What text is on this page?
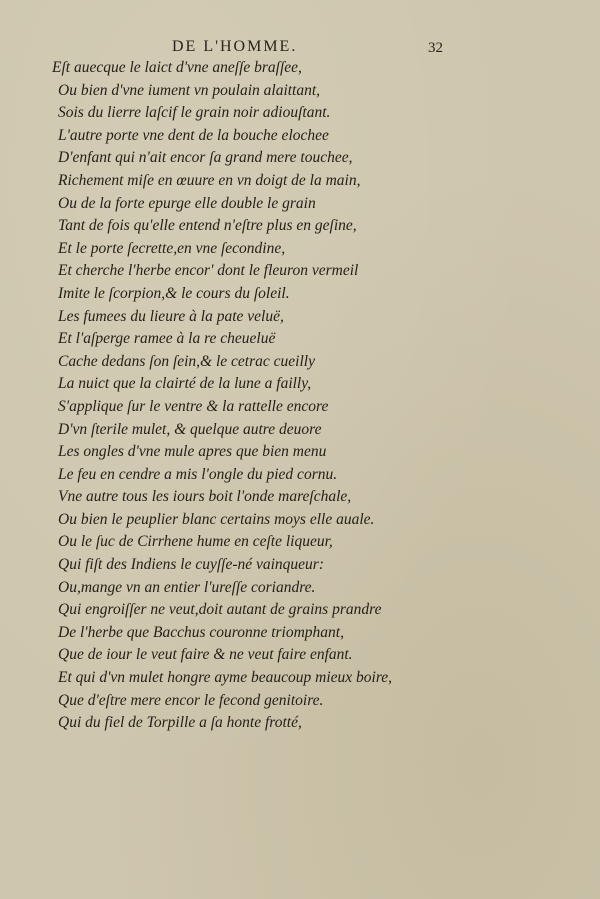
DE L'HOMME.	32
Eſt auecque le laict d'vne aneſſe braſſee,
Ou bien d'vne iument vn poulain alaittant,
Sois du lierre laſcif le grain noir adiouſtant.
L'autre porte vne dent de la bouche elochee
D'enfant qui n'ait encor ſa grand mere touchee,
Richement miſe en œuure en vn doigt de la main,
Ou de la forte epurge elle double le grain
Tant de fois qu'elle entend n'eſtre plus en geſine,
Et le porte ſecrette,en vne ſecondine,
Et cherche l'herbe encor' dont le fleuron vermeil
Imite le ſcorpion,& le cours du ſoleil.
Les fumees du lieure à la pate veluë,
Et l'aſperge ramee à la re cheueluë
Cache dedans ſon ſein,& le cetrac cueilly
La nuict que la clairté de la lune a failly,
S'applique ſur le ventre & la rattelle encore
D'vn ſterile mulet, & quelque autre deuore
Les ongles d'vne mule apres que bien menu
Le feu en cendre a mis l'ongle du pied cornu.
Vne autre tous les iours boit l'onde mareſchale,
Ou bien le peuplier blanc certains moys elle auale.
Ou le ſuc de Cirrhene hume en ceſte liqueur,
Qui fiſt des Indiens le cuyſſe-né vainqueur:
Ou,mange vn an entier l'ureſſe coriandre.
Qui engroiſſer ne veut,doit autant de grains prandre
De l'herbe que Bacchus couronne triomphant,
Que de iour le veut faire & ne veut faire enfant.
Et qui d'vn mulet hongre ayme beaucoup mieux boire,
Que d'eſtre mere encor le fecond genitoire.
Qui du fiel de Torpille a ſa honte frotté,
